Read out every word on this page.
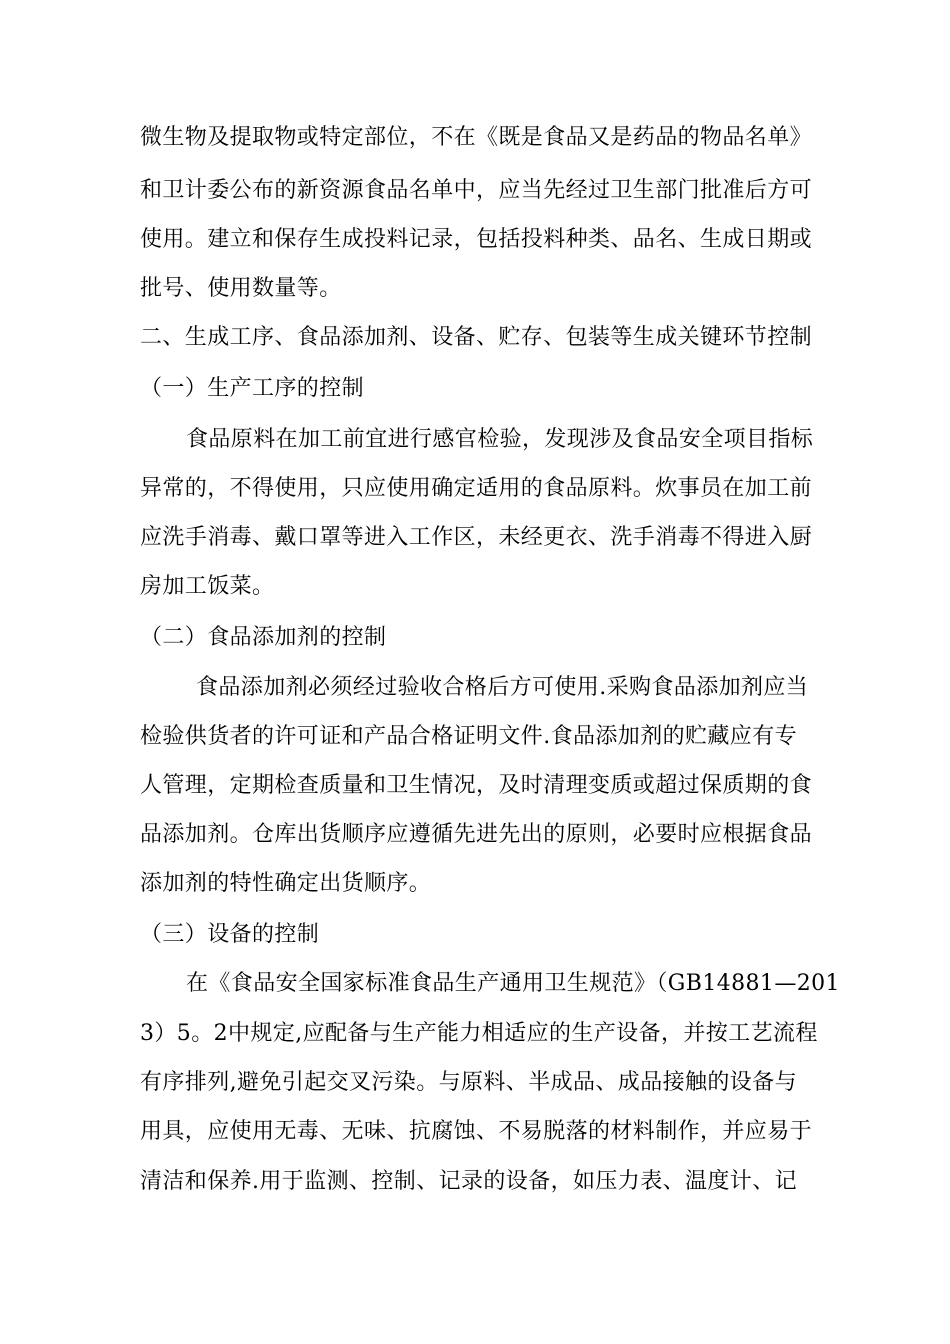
微生物及提取物或特定部位，不在《既是食品又是药品的物品名单》
和卫计委公布的新资源食品名单中，应当先经过卫生部门批准后方可
使用。建立和保存生成投料记录，包括投料种类、品名、生成日期或
批号、使用数量等。
二、生成工序、食品添加剂、设备、贮存、包装等生成关键环节控制
（一）生产工序的控制
食品原料在加工前宜进行感官检验，发现涉及食品安全项目指标
异常的，不得使用，只应使用确定适用的食品原料。炊事员在加工前
应洗手消毒、戴口罩等进入工作区，未经更衣、洗手消毒不得进入厨
房加工饭菜。
（二）食品添加剂的控制
食品添加剂必须经过验收合格后方可使用.采购食品添加剂应当
检验供货者的许可证和产品合格证明文件.食品添加剂的贮藏应有专
人管理，定期检查质量和卫生情况，及时清理变质或超过保质期的食
品添加剂。仓库出货顺序应遵循先进先出的原则，必要时应根据食品
添加剂的特性确定出货顺序。
（三）设备的控制
在《食品安全国家标准食品生产通用卫生规范》（GB14881—201
3）5。2中规定,应配备与生产能力相适应的生产设备，并按工艺流程
有序排列,避免引起交叉污染。与原料、半成品、成品接触的设备与
用具，应使用无毒、无味、抗腐蚀、不易脱落的材料制作，并应易于
清洁和保养.用于监测、控制、记录的设备，如压力表、温度计、记
